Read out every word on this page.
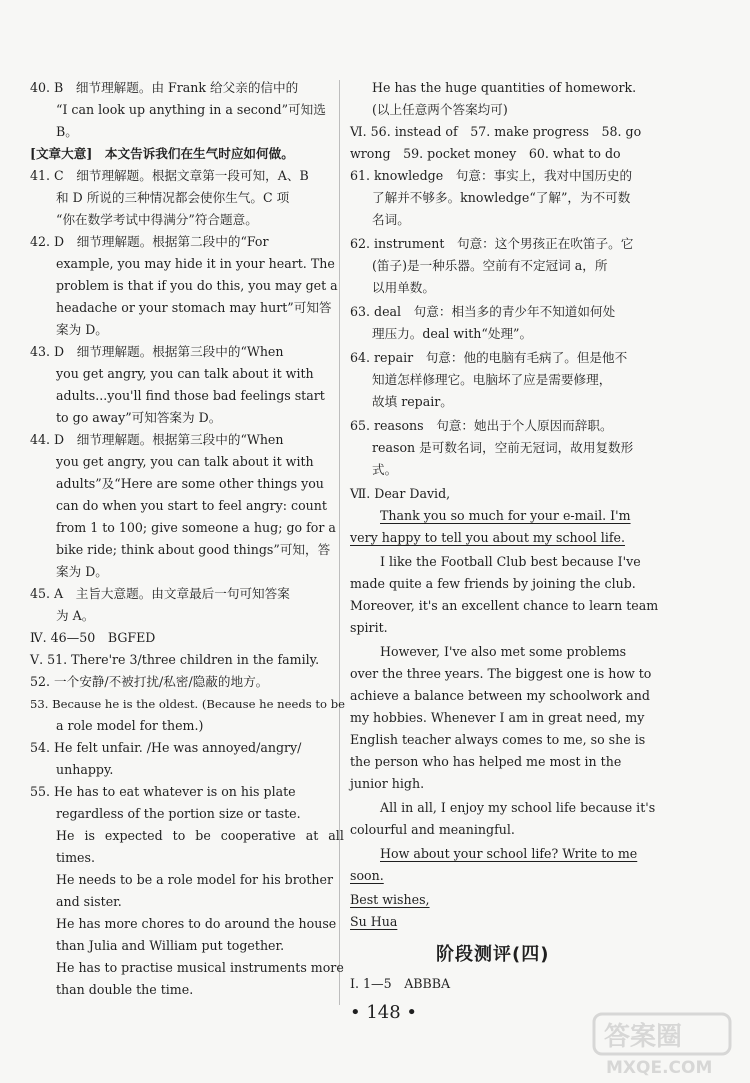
40. B　细节理解题。由 Frank 给父亲的信中的
“I can look up anything in a second”可知选
B。
[文章大意]　本文告诉我们在生气时应如何做。
41. C　细节理解题。根据文章第一段可知，A、B
和 D 所说的三种情况都会使你生气。C 项
“你在数学考试中得满分”符合题意。
42. D　细节理解题。根据第二段中的“For
example, you may hide it in your heart. The
problem is that if you do this, you may get a
headache or your stomach may hurt”可知答
案为 D。
43. D　细节理解题。根据第三段中的“When
you get angry, you can talk about it with
adults...you'll find those bad feelings start
to go away”可知答案为 D。
44. D　细节理解题。根据第三段中的“When
you get angry, you can talk about it with
adults”及“Here are some other things you
can do when you start to feel angry: count
from 1 to 100; give someone a hug; go for a
bike ride; think about good things”可知，答
案为 D。
45. A　主旨大意题。由文章最后一句可知答案
为 A。
Ⅳ. 46—50　BGFED
Ⅴ. 51. There're 3/three children in the family.
52. 一个安静/不被打扰/私密/隐蔽的地方。
53. Because he is the oldest. (Because he needs to be
a role model for them.)
54. He felt unfair. /He was annoyed/angry/
unhappy.
55. He has to eat whatever is on his plate
regardless of the portion size or taste.
He is expected to be cooperative at all
times.
He needs to be a role model for his brother
and sister.
He has more chores to do around the house
than Julia and William put together.
He has to practise musical instruments more
than double the time.
He has the huge quantities of homework.
(以上任意两个答案均可)
Ⅵ. 56. instead of　57. make progress　58. go
wrong　59. pocket money　60. what to do
61. knowledge　句意：事实上，我对中国历史的
了解并不够多。knowledge“了解”，为不可数
名词。
62. instrument　句意：这个男孩正在吹笛子。它
(笛子)是一种乐器。空前有不定冠词 a，所
以用单数。
63. deal　句意：相当多的青少年不知道如何处
理压力。deal with“处理”。
64. repair　句意：他的电脑有毛病了。但是他不
知道怎样修理它。电脑坏了应是需要修理，
故填 repair。
65. reasons　句意：她出于个人原因而辞职。
reason 是可数名词，空前无冠词，故用复数形
式。
Ⅶ. Dear David,
Thank you so much for your e-mail. I'm
very happy to tell you about my school life.
I like the Football Club best because I've
made quite a few friends by joining the club.
Moreover, it's an excellent chance to learn team
spirit.
However, I've also met some problems
over the three years. The biggest one is how to
achieve a balance between my schoolwork and
my hobbies. Whenever I am in great need, my
English teacher always comes to me, so she is
the person who has helped me most in the
junior high.
All in all, I enjoy my school life because it's
colourful and meaningful.
How about your school life? Write to me
soon.
Best wishes,
Su Hua
阶段测评(四)
Ⅰ. 1—5　ABBBA
• 148 •
答案圈
MXQE.COM
